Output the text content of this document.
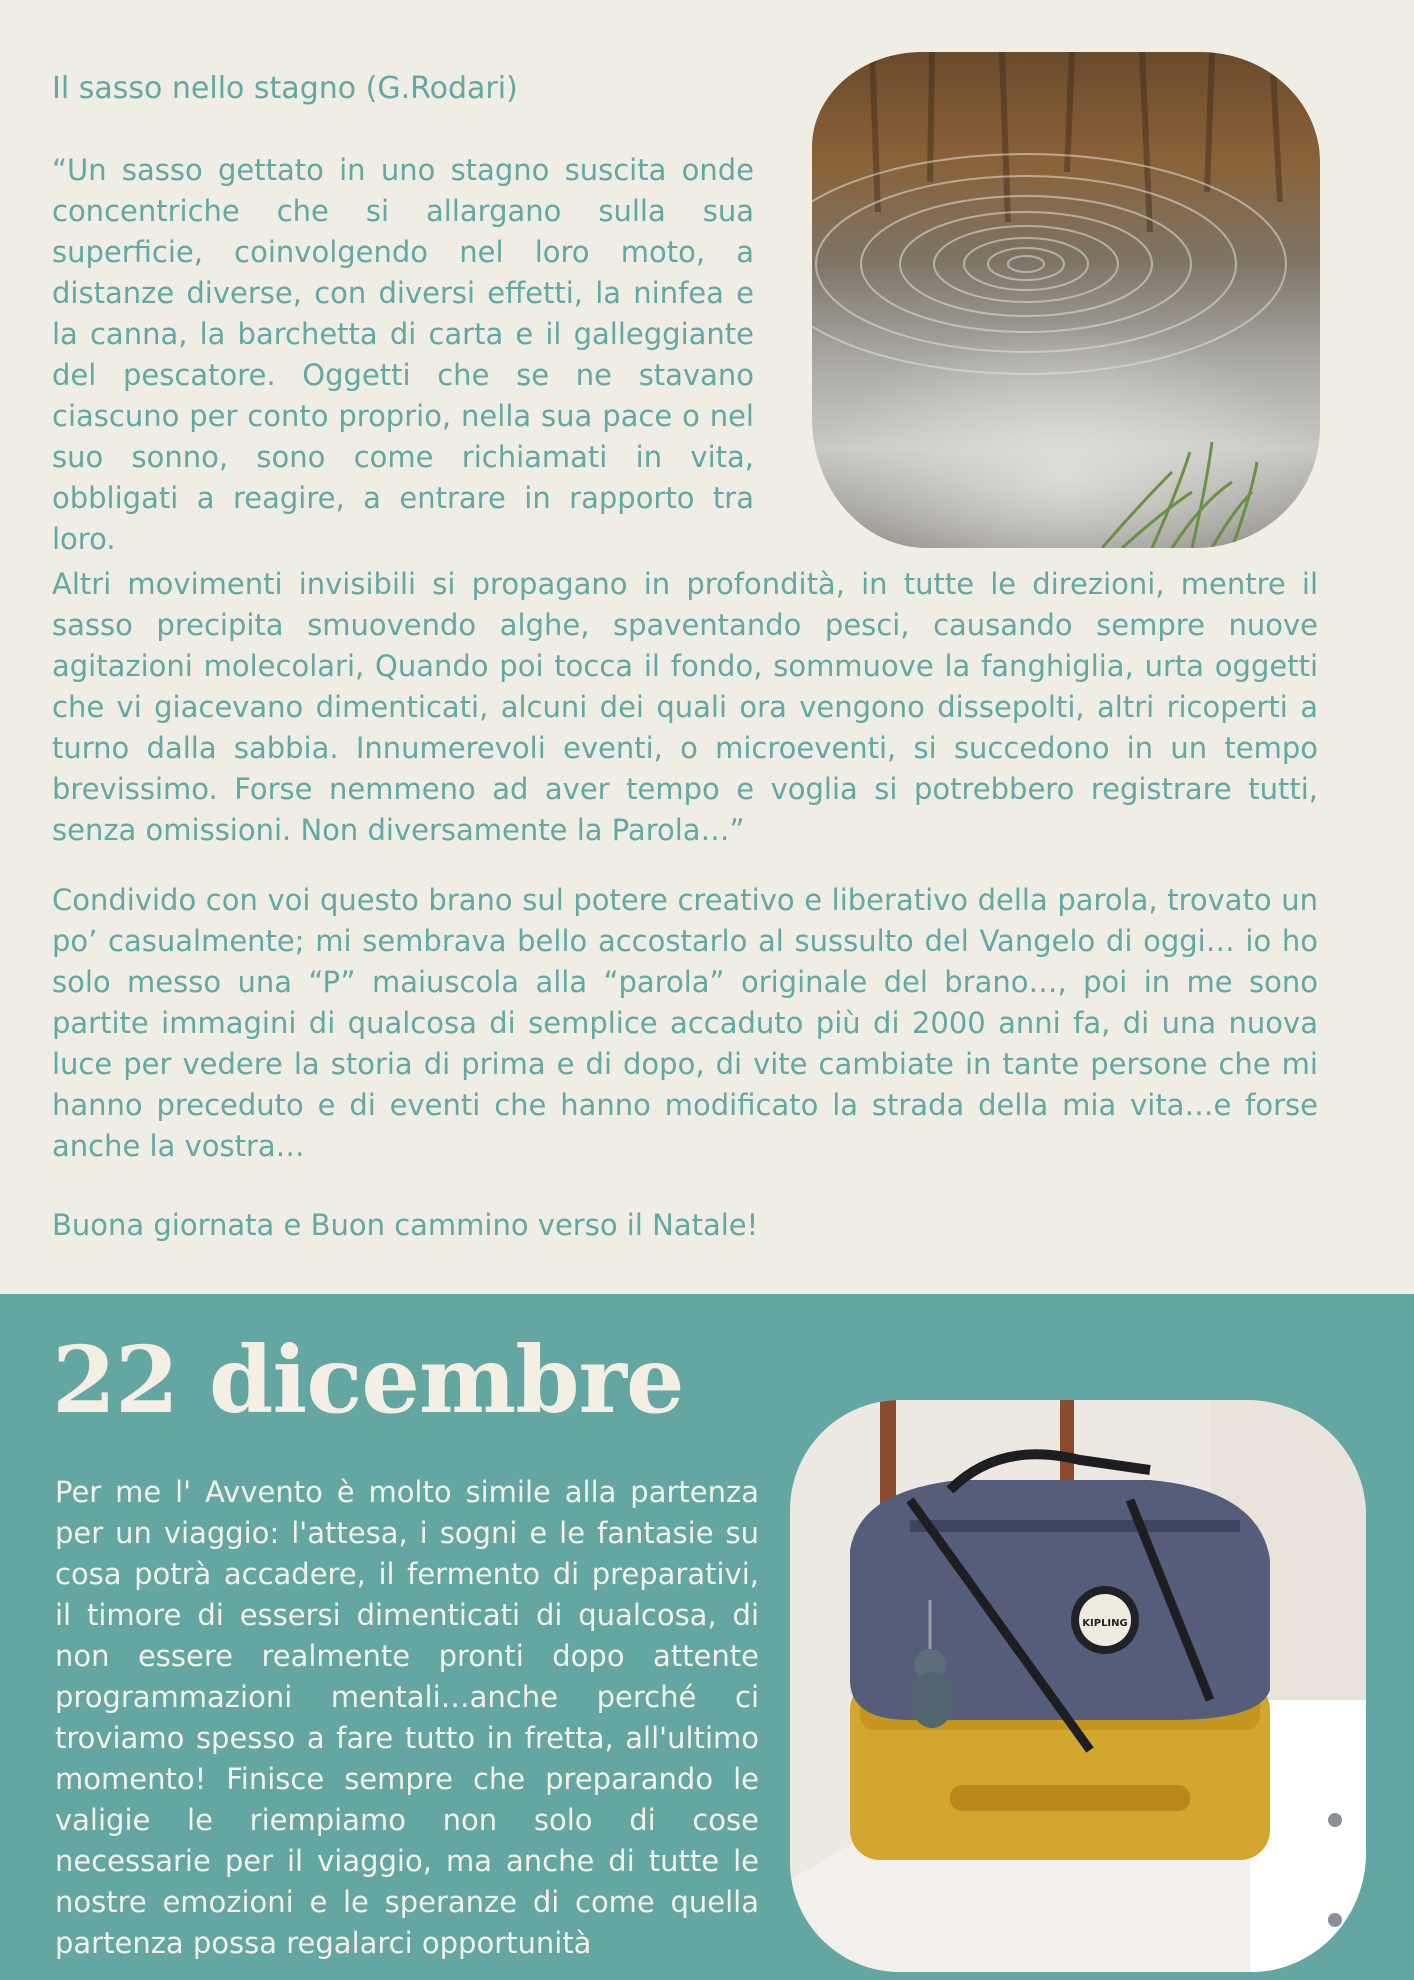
Il sasso nello stagno (G.Rodari)
“Un sasso gettato in uno stagno suscita onde concentriche che si allargano sulla sua superficie, coinvolgendo nel loro moto, a distanze diverse, con diversi effetti, la ninfea e la canna, la barchetta di carta e il galleggiante del pescatore. Oggetti che se ne stavano ciascuno per conto proprio, nella sua pace o nel suo sonno, sono come richiamati in vita, obbligati a reagire, a entrare in rapporto tra loro.
Altri movimenti invisibili si propagano in profondità, in tutte le direzioni, mentre il sasso precipita smuovendo alghe, spaventando pesci, causando sempre nuove agitazioni molecolari, Quando poi tocca il fondo, sommuove la fanghiglia, urta oggetti che vi giacevano dimenticati, alcuni dei quali ora vengono dissepolti, altri ricoperti a turno dalla sabbia. Innumerevoli eventi, o microeventi, si succedono in un tempo brevissimo. Forse nemmeno ad aver tempo e voglia si potrebbero registrare tutti, senza omissioni. Non diversamente la Parola…”
Condivido con voi questo brano sul potere creativo e liberativo della parola, trovato un po’ casualmente; mi sembrava bello accostarlo al sussulto del Vangelo di oggi… io ho solo messo una “P” maiuscola alla “parola” originale del brano…, poi in me sono partite immagini di qualcosa di semplice accaduto più di 2000 anni fa, di una nuova luce per vedere la storia di prima e di dopo, di vite cambiate in tante persone che mi hanno preceduto e di eventi che hanno modificato la strada della mia vita…e forse anche la vostra…
Buona giornata e Buon cammino verso il Natale!
22 dicembre
Per me l' Avvento è molto simile alla partenza per un viaggio: l'attesa, i sogni e le fantasie su cosa potrà accadere, il fermento di preparativi, il timore di essersi dimenticati di qualcosa, di non essere realmente pronti dopo attente programmazioni mentali…anche perché ci troviamo spesso a fare tutto in fretta, all'ultimo momento! Finisce sempre che preparando le valigie le riempiamo non solo di cose necessarie per il viaggio, ma anche di tutte le nostre emozioni e le speranze di come quella partenza possa regalarci opportunità
KIPLING
